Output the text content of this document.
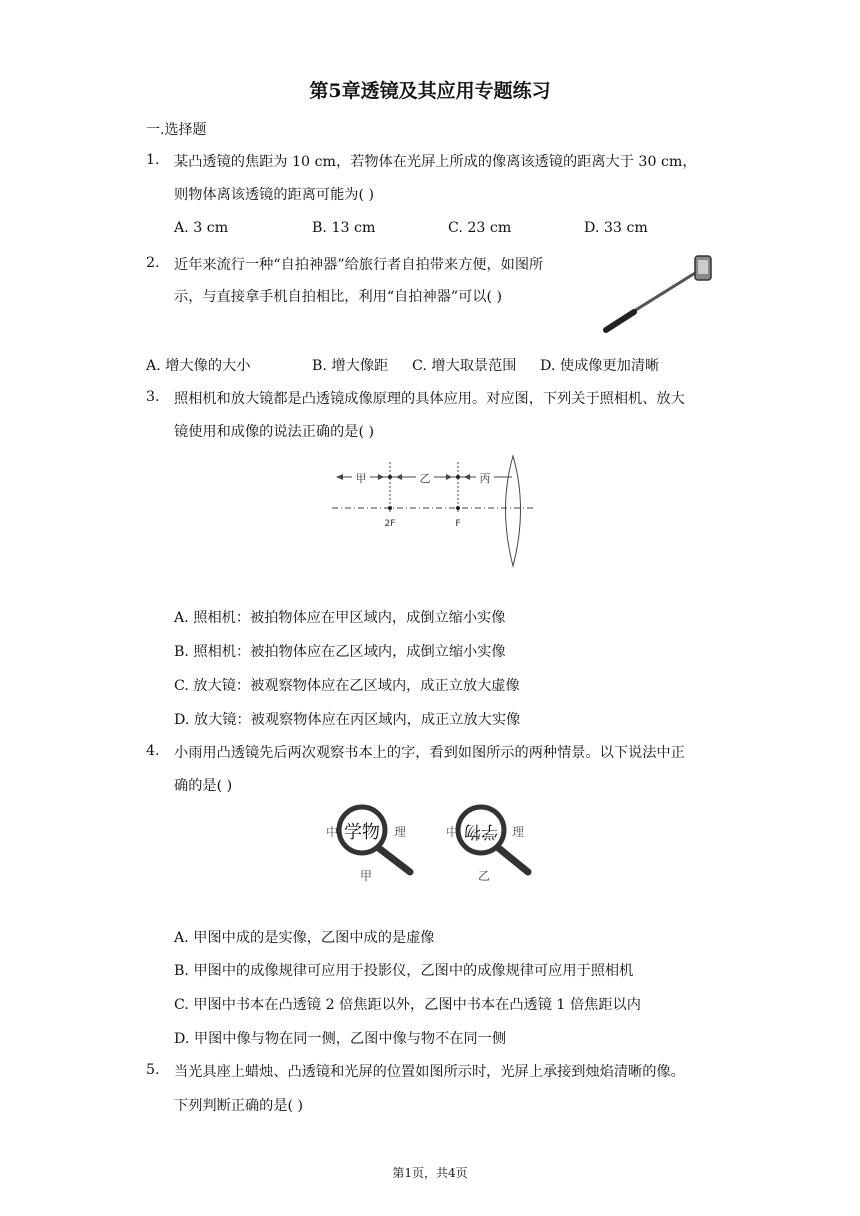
第5章透镜及其应用专题练习
一.选择题
1. 某凸透镜的焦距为 10 cm，若物体在光屏上所成的像离该透镜的距离大于 30 cm，
则物体离该透镜的距离可能为( )
A. 3 cm	B. 13 cm	C. 23 cm	D. 33 cm
2. 近年来流行一种“自拍神器”给旅行者自拍带来方便，如图所
示，与直接拿手机自拍相比，利用“自拍神器”可以( )
A. 增大像的大小	B. 增大像距 C. 增大取景范围 D. 使成像更加清晰
3. 照相机和放大镜都是凸透镜成像原理的具体应用。对应图，下列关于照相机、放大
镜使用和成像的说法正确的是( )
甲	乙	丙
2F	F
A. 照相机：被拍物体应在甲区域内，成倒立缩小实像
B. 照相机：被拍物体应在乙区域内，成倒立缩小实像
C. 放大镜：被观察物体应在乙区域内，成正立放大虚像
D. 放大镜：被观察物体应在丙区域内，成正立放大实像
4. 小雨用凸透镜先后两次观察书本上的字，看到如图所示的两种情景。以下说法中正
确的是( )
中 学物 理
甲
中 学物 理
乙
A. 甲图中成的是实像，乙图中成的是虚像
B. 甲图中的成像规律可应用于投影仪，乙图中的成像规律可应用于照相机
C. 甲图中书本在凸透镜 2 倍焦距以外，乙图中书本在凸透镜 1 倍焦距以内
D. 甲图中像与物在同一侧，乙图中像与物不在同一侧
5. 当光具座上蜡烛、凸透镜和光屏的位置如图所示时，光屏上承接到烛焰清晰的像。
下列判断正确的是( )
第1页，共4页
